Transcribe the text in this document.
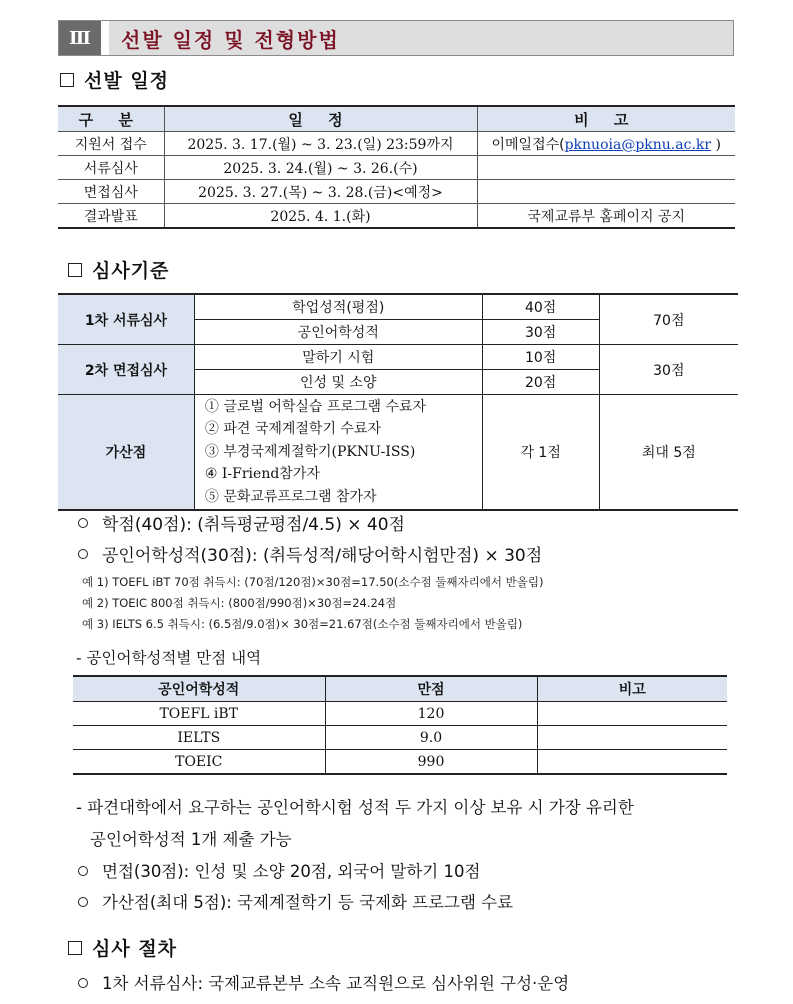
Ⅲ	선발 일정 및 전형방법
선발 일정
구 분	일 정	비 고
지원서 접수	2025. 3. 17.(월) ~ 3. 23.(일) 23:59까지	이메일접수(pknuoia@pknu.ac.kr )
서류심사	2025. 3. 24.(월) ~ 3. 26.(수)	
면접심사	2025. 3. 27.(목) ~ 3. 28.(금)<예정>	
결과발표	2025. 4. 1.(화)	국제교류부 홈페이지 공지
심사기준
1차 서류심사	학업성적(평점)	40점	70점
	공인어학성적	30점	
2차 면접심사	말하기 시험	10점	30점
	인성 및 소양	20점	
가산점	① 글로벌 어학실습 프로그램 수료자
② 파견 국제계절학기 수료자
③ 부경국제계절학기(PKNU-ISS)
④ I-Friend참가자
⑤ 문화교류프로그램 참가자	각 1점	최대 5점
학점(40점): (취득평균평점/4.5) × 40점
공인어학성적(30점): (취득성적/해당어학시험만점) × 30점
예 1) TOEFL iBT 70점 취득시: (70점/120점)×30점=17.50(소수점 둘째자리에서 반올림)
예 2) TOEIC 800점 취득시: (800점/990점)×30점=24.24점
예 3) IELTS 6.5 취득시: (6.5점/9.0점)× 30점=21.67점(소수점 둘째자리에서 반올림)
- 공인어학성적별 만점 내역
공인어학성적	만점	비고
TOEFL iBT	120	
IELTS	9.0	
TOEIC	990	
- 파견대학에서 요구하는 공인어학시험 성적 두 가지 이상 보유 시 가장 유리한
공인어학성적 1개 제출 가능
면접(30점): 인성 및 소양 20점, 외국어 말하기 10점
가산점(최대 5점): 국제계절학기 등 국제화 프로그램 수료
심사 절차
1차 서류심사: 국제교류본부 소속 교직원으로 심사위원 구성·운영
